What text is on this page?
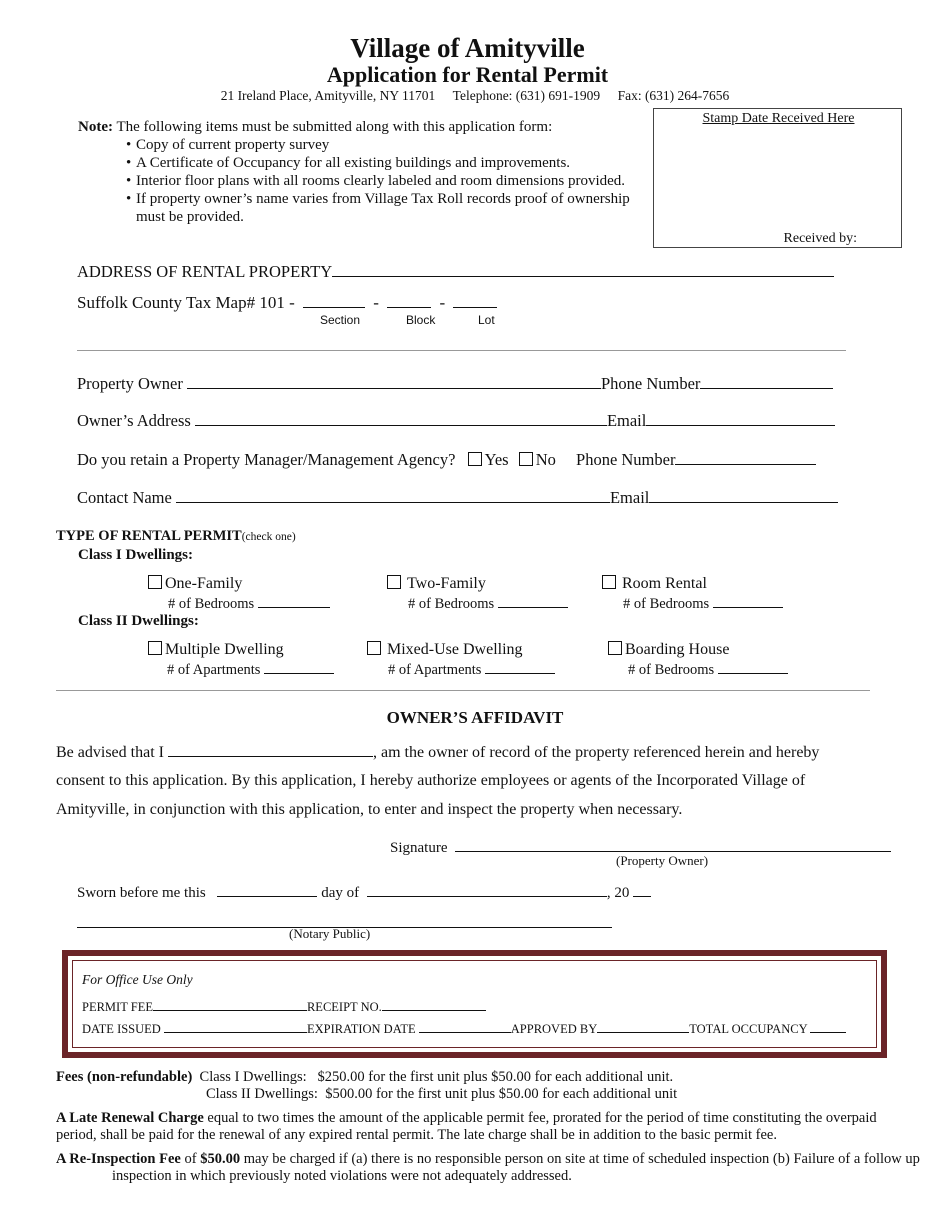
Village of Amityville
Application for Rental Permit
21 Ireland Place, Amityville, NY 11701 Telephone: (631) 691-1909 Fax: (631) 264-7656
Note: The following items must be submitted along with this application form:
• Copy of current property survey
• A Certificate of Occupancy for all existing buildings and improvements.
• Interior floor plans with all rooms clearly labeled and room dimensions provided.
• If property owner’s name varies from Village Tax Roll records proof of ownership must be provided.
Stamp Date Received Here
Received by:
ADDRESS OF RENTAL PROPERTY
Suffolk County Tax Map# 101 -	-	-
Section	Block	Lot
Property Owner	Phone Number
Owner’s Address	Email
Do you retain a Property Manager/Management Agency? Yes No Phone Number
Contact Name	Email
TYPE OF RENTAL PERMIT(check one)
Class I Dwellings:
One-Family
# of Bedrooms
Two-Family
# of Bedrooms
Room Rental
# of Bedrooms
Class II Dwellings:
Multiple Dwelling
# of Apartments
Mixed-Use Dwelling
# of Apartments
Boarding House
# of Bedrooms
OWNER’S AFFIDAVIT
Be advised that I	, am the owner of record of the property referenced herein and hereby
consent to this application. By this application, I hereby authorize employees or agents of the Incorporated Village of
Amityville, in conjunction with this application, to enter and inspect the property when necessary.
Signature
(Property Owner)
Sworn before me this	day of	, 20
(Notary Public)
For Office Use Only
PERMIT FEE	RECEIPT NO.
DATE ISSUED	EXPIRATION DATE	APPROVED BY	TOTAL OCCUPANCY
Fees (non-refundable) Class I Dwellings: $250.00 for the first unit plus $50.00 for each additional unit.
Class II Dwellings: $500.00 for the first unit plus $50.00 for each additional unit
A Late Renewal Charge equal to two times the amount of the applicable permit fee, prorated for the period of time constituting the overpaid period, shall be paid for the renewal of any expired rental permit. The late charge shall be in addition to the basic permit fee.
A Re-Inspection Fee of $50.00 may be charged if (a) there is no responsible person on site at time of scheduled inspection (b) Failure of a follow up inspection in which previously noted violations were not adequately addressed.
